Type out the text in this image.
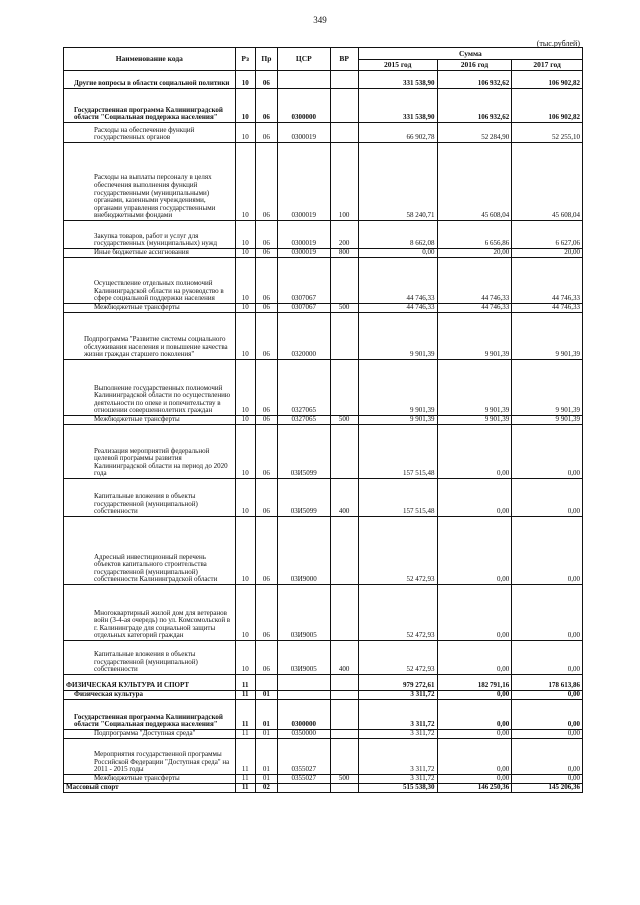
349
(тыс.рублей)
Наименование кода	Рз	Пр	ЦСР	ВР	Сумма		
					2015 год	2016 год	2017 год
Другие вопросы в области социальной политики	10	06			331 538,90	106 932,62	106 902,82
Государственная программа Калининградской области "Социальная поддержка населения"	10	06	0300000		331 538,90	106 932,62	106 902,82
Расходы на обеспечение функций государственных органов	10	06	0300019		66 902,78	52 284,90	52 255,10
Расходы на выплаты персоналу в целях обеспечения выполнения функций государственными (муниципальными) органами, казенными учреждениями, органами управления государственными внебюджетными фондами	10	06	0300019	100	58 240,71	45 608,04	45 608,04
Закупка товаров, работ и услуг для государственных (муниципальных) нужд	10	06	0300019	200	8 662,08	6 656,86	6 627,06
Иные бюджетные ассигнования	10	06	0300019	800	0,00	20,00	20,00
Осуществление отдельных полномочий Калининградской области на руководство в сфере социальной поддержки населения	10	06	0307067		44 746,33	44 746,33	44 746,33
Межбюджетные трансферты	10	06	0307067	500	44 746,33	44 746,33	44 746,33
Подпрограмма "Развитие системы социального обслуживания населения и повышение качества жизни граждан старшего поколения"	10	06	0320000		9 901,39	9 901,39	9 901,39
Выполнение государственных полномочий Калининградской области по осуществлению деятельности по опеке и попечительству в отношении совершеннолетних граждан	10	06	0327065		9 901,39	9 901,39	9 901,39
Межбюджетные трансферты	10	06	0327065	500	9 901,39	9 901,39	9 901,39
Реализация мероприятий федеральной целевой программы развития Калининградской области на период до 2020 года	10	06	03И5099		157 515,48	0,00	0,00
Капитальные вложения в объекты государственной (муниципальной) собственности	10	06	03И5099	400	157 515,48	0,00	0,00
Адресный инвестиционный перечень объектов капитального строительства государственной (муниципальной) собственности Калининградской области	10	06	03И9000		52 472,93	0,00	0,00
Многоквартирный жилой дом для ветеранов войн (3-4-ая очередь) по ул. Комсомольской в г. Калининграде для социальной защиты отдельных категорий граждан	10	06	03И9005		52 472,93	0,00	0,00
Капитальные вложения в объекты государственной (муниципальной) собственности	10	06	03И9005	400	52 472,93	0,00	0,00
ФИЗИЧЕСКАЯ КУЛЬТУРА И СПОРТ	11				979 272,61	182 791,16	178 613,86
Физическая культура	11	01			3 311,72	0,00	0,00
Государственная программа Калининградской области "Социальная поддержка населения"	11	01	0300000		3 311,72	0,00	0,00
Подпрограмма "Доступная среда"	11	01	0350000		3 311,72	0,00	0,00
Мероприятия государственной программы Российской Федерации "Доступная среда" на 2011 - 2015 годы	11	01	0355027		3 311,72	0,00	0,00
Межбюджетные трансферты	11	01	0355027	500	3 311,72	0,00	0,00
Массовый спорт	11	02			515 538,30	146 250,36	145 206,36
